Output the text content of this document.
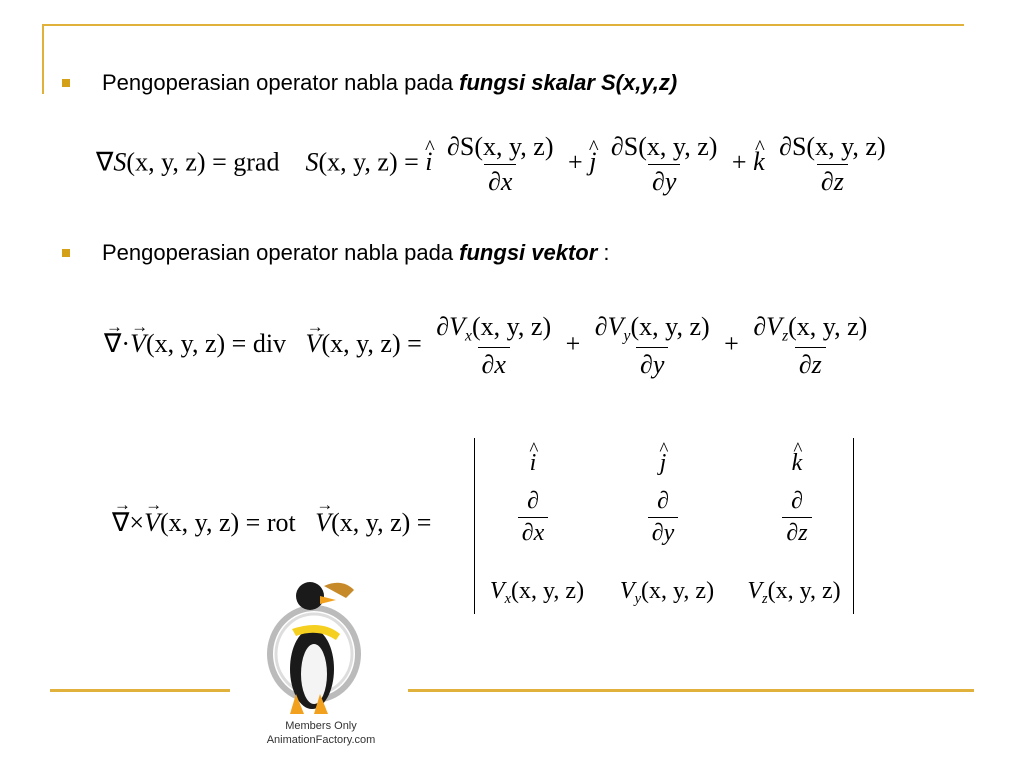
Pengoperasian operator nabla pada fungsi skalar S(x,y,z)
∇S(x, y, z) = grad S(x, y, z) = i ^ $\frac{\partial S(x, y, z)}{\partial x} + j$ ^ $\frac{\partial S(x, y, z)}{\partial y} + k$ ^ $\frac{\partial S(x, y, z)}{\partial z}$
Pengoperasian operator nabla pada fungsi vektor :
∇ →·V →(x, y, z) = div V →(x, y, $z) = \frac{\partial V_x(x, y, z)}{\partial x} + \frac{\partial V_y(x, y, z)}{\partial y} + \frac{\partial V_z(x, y, z)}{\partial z}$
∇ →×V →(x, y, z) = rot V →(x, y, z) =
i ^	j ^	k ^
$\frac{\partial}{\partial x}$	$\frac{\partial}{\partial y}$	$\frac{\partial}{\partial z}$
$V_x(x$, y, z)	$V_y(x$, y, z)	$V_z(x$, y, z)
Members Only
AnimationFactory.com
